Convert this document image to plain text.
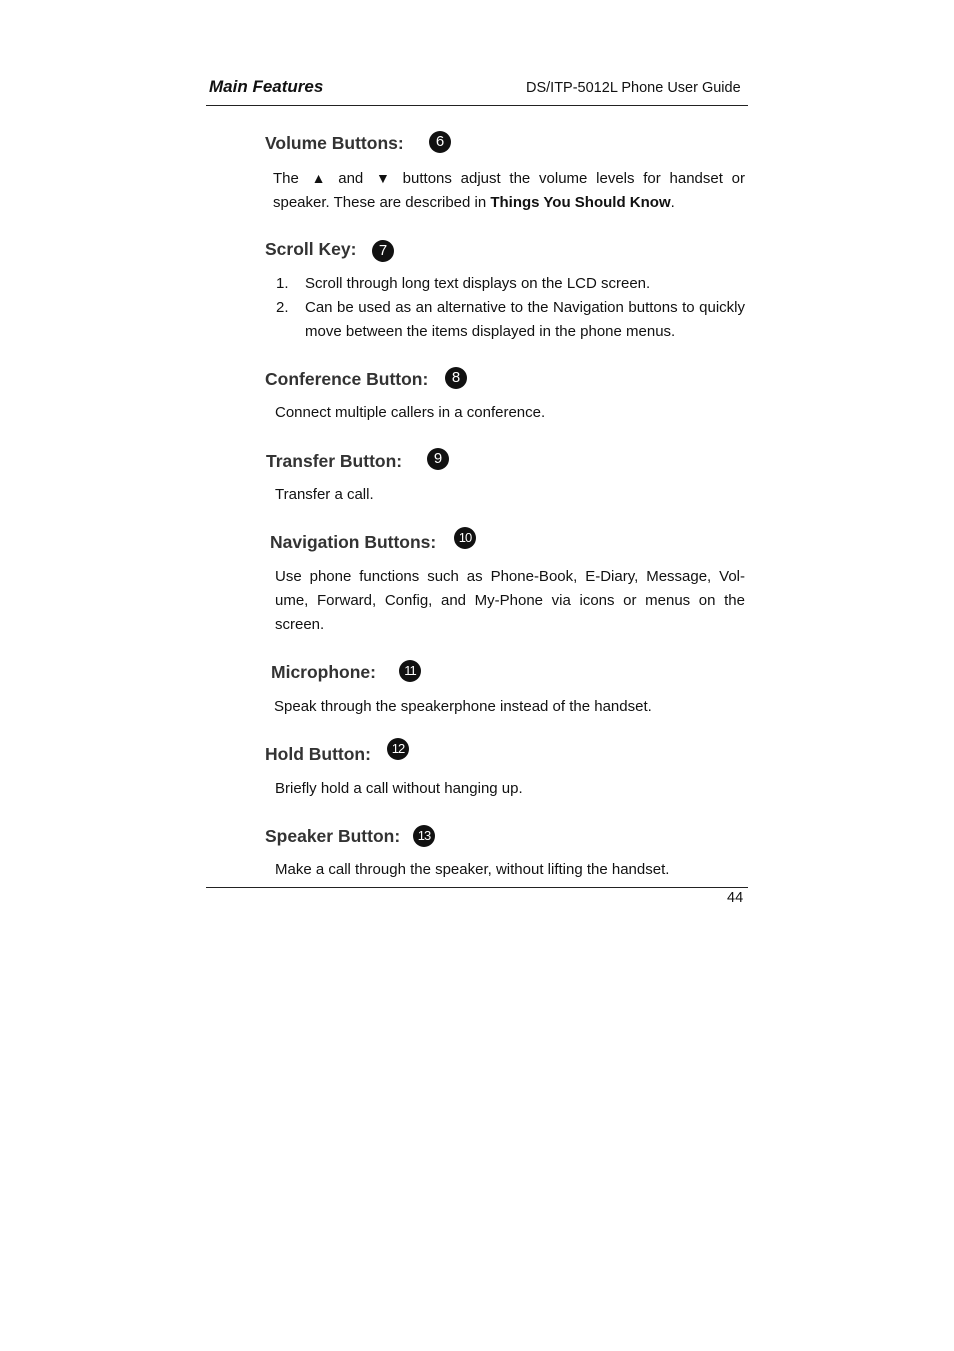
Main Features	DS/ITP-5012L Phone User Guide
Volume Buttons:	6
The ▲ and ▼ buttons adjust the volume levels for handset or speaker. These are described in Things You Should Know.
Scroll Key:	7
1. Scroll through long text displays on the LCD screen.
2. Can be used as an alternative to the Navigation buttons to quickly move between the items displayed in the phone menus.
Conference Button:	8
Connect multiple callers in a conference.
Transfer Button:	9
Transfer a call.
Navigation Buttons:	10
Use phone functions such as Phone-Book, E-Diary, Message, Vol-ume, Forward, Config, and My-Phone via icons or menus on the screen.
Microphone:	11
Speak through the speakerphone instead of the handset.
Hold Button:	12
Briefly hold a call without hanging up.
Speaker Button:	13
Make a call through the speaker, without lifting the handset.
44
